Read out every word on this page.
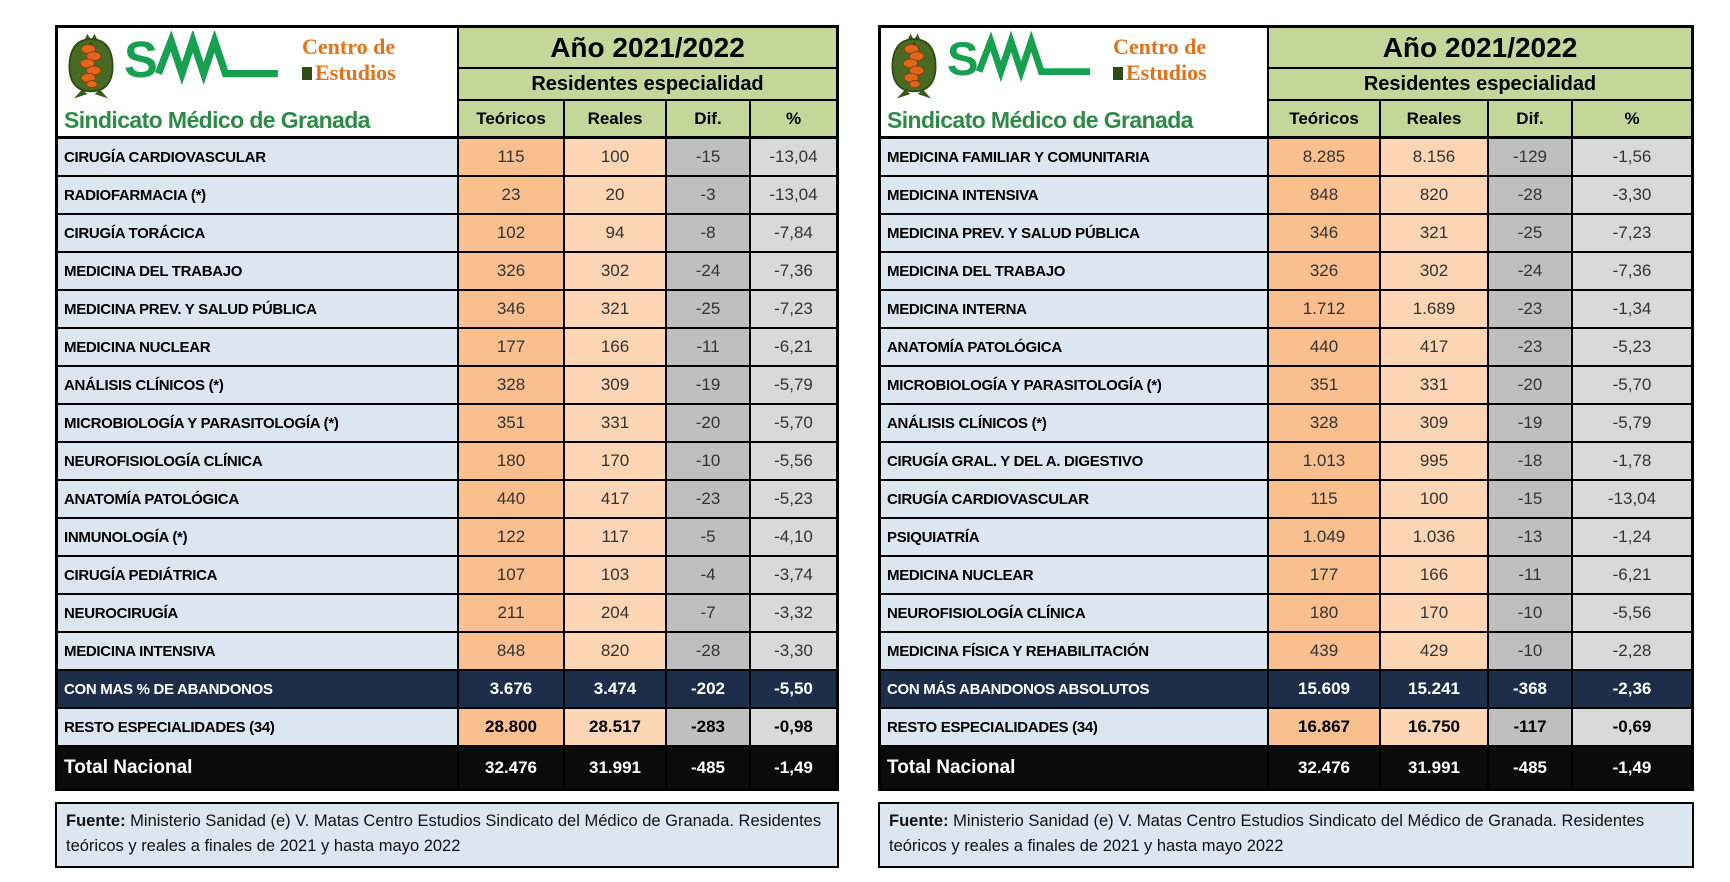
S	Centro de
Estudios
Sindicato Médico de Granada
Año 2021/2022
Residentes especialidad
Teóricos	Reales	Dif.	%
CIRUGÍA CARDIOVASCULAR	115	100	-15	-13,04
RADIOFARMACIA (*)	23	20	-3	-13,04
CIRUGÍA TORÁCICA	102	94	-8	-7,84
MEDICINA DEL TRABAJO	326	302	-24	-7,36
MEDICINA PREV. Y SALUD PÚBLICA	346	321	-25	-7,23
MEDICINA NUCLEAR	177	166	-11	-6,21
ANÁLISIS CLÍNICOS (*)	328	309	-19	-5,79
MICROBIOLOGÍA Y PARASITOLOGÍA (*)	351	331	-20	-5,70
NEUROFISIOLOGÍA CLÍNICA	180	170	-10	-5,56
ANATOMÍA PATOLÓGICA	440	417	-23	-5,23
INMUNOLOGÍA (*)	122	117	-5	-4,10
CIRUGÍA PEDIÁTRICA	107	103	-4	-3,74
NEUROCIRUGÍA	211	204	-7	-3,32
MEDICINA INTENSIVA	848	820	-28	-3,30
CON MAS % DE ABANDONOS	3.676	3.474	-202	-5,50
RESTO ESPECIALIDADES (34)	28.800	28.517	-283	-0,98
Total Nacional	32.476	31.991	-485	-1,49
Fuente: Ministerio Sanidad (e) V. Matas Centro Estudios Sindicato del Médico de Granada. Residentes teóricos y reales a finales de 2021 y hasta mayo 2022
S	Centro de
Estudios
Sindicato Médico de Granada
Año 2021/2022
Residentes especialidad
Teóricos	Reales	Dif.	%
MEDICINA FAMILIAR Y COMUNITARIA	8.285	8.156	-129	-1,56
MEDICINA INTENSIVA	848	820	-28	-3,30
MEDICINA PREV. Y SALUD PÚBLICA	346	321	-25	-7,23
MEDICINA DEL TRABAJO	326	302	-24	-7,36
MEDICINA INTERNA	1.712	1.689	-23	-1,34
ANATOMÍA PATOLÓGICA	440	417	-23	-5,23
MICROBIOLOGÍA Y PARASITOLOGÍA (*)	351	331	-20	-5,70
ANÁLISIS CLÍNICOS (*)	328	309	-19	-5,79
CIRUGÍA GRAL. Y DEL A. DIGESTIVO	1.013	995	-18	-1,78
CIRUGÍA CARDIOVASCULAR	115	100	-15	-13,04
PSIQUIATRÍA	1.049	1.036	-13	-1,24
MEDICINA NUCLEAR	177	166	-11	-6,21
NEUROFISIOLOGÍA CLÍNICA	180	170	-10	-5,56
MEDICINA FÍSICA Y REHABILITACIÓN	439	429	-10	-2,28
CON MÁS ABANDONOS ABSOLUTOS	15.609	15.241	-368	-2,36
RESTO ESPECIALIDADES (34)	16.867	16.750	-117	-0,69
Total Nacional	32.476	31.991	-485	-1,49
Fuente: Ministerio Sanidad (e) V. Matas Centro Estudios Sindicato del Médico de Granada. Residentes teóricos y reales a finales de 2021 y hasta mayo 2022
